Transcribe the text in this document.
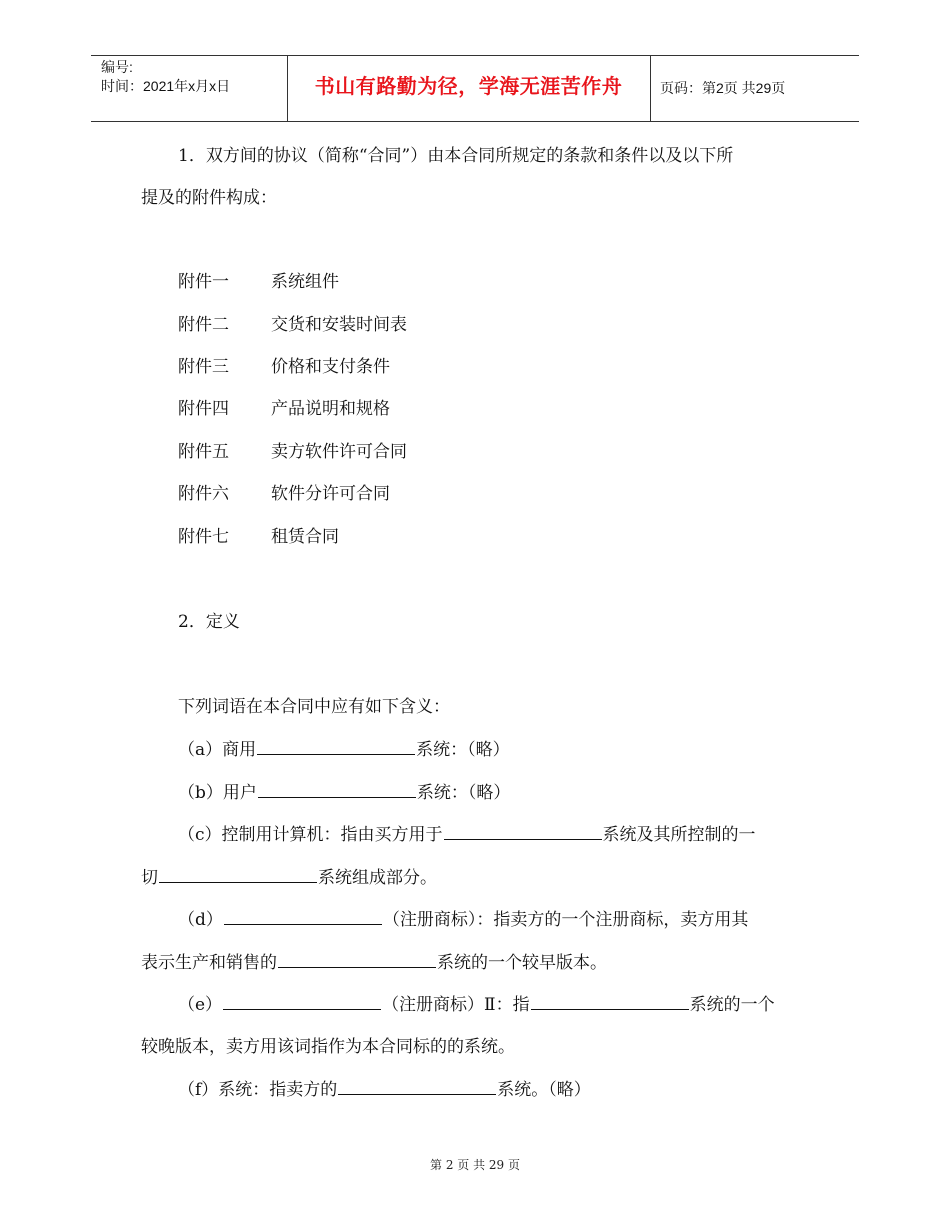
编号:
时间：2021年x月x日	书山有路勤为径，学海无涯苦作舟	页码：第2页 共29页
1．双方间的协议（简称“合同”）由本合同所规定的条款和条件以及以下所
提及的附件构成：
附件一 系统组件
附件二 交货和安装时间表
附件三 价格和支付条件
附件四 产品说明和规格
附件五 卖方软件许可合同
附件六 软件分许可合同
附件七 租赁合同
2．定义
下列词语在本合同中应有如下含义：
（a）商用	系统：（略）
（b）用户	系统：（略）
（c）控制用计算机：指由买方用于	系统及其所控制的一
切	系统组成部分。
（d）	（注册商标）：指卖方的一个注册商标，卖方用其
表示生产和销售的	系统的一个较早版本。
（e）	（注册商标）Ⅱ：指	系统的一个
较晚版本，卖方用该词指作为本合同标的的系统。
（f）系统：指卖方的	系统。（略）
第 2 页 共 29 页
